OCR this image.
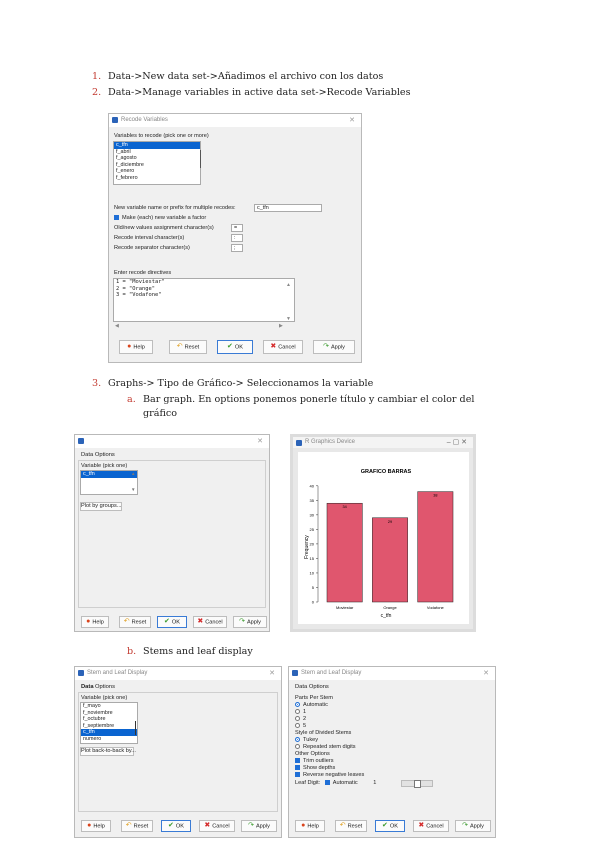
1. Data->New data set->Añadimos el archivo con los datos
2. Data->Manage variables in active data set->Recode Variables
Recode Variables	✕
Variables to recode (pick one or more)
c_tfn
f_abril
f_agosto
f_diciembre
f_enero
f_febrero
New variable name or prefix for multiple recodes:	c_tfn
Make (each) new variable a factor
Old/new values assignment character(s)	=
Recode interval character(s)	:
Recode separator character(s)	;
Enter recode directives
1 = "Moviestar"
2 = "Orange"
3 = "Vodafone"
▲
▼
◀	▶
● Help	↶ Reset	✔ OK	✖ Cancel	↷ Apply
3. Graphs-> Tipo de Gráfico-> Seleccionamos la variable
a. Bar graph. En options ponemos ponerle título y cambiar el color del
gráfico
✕
Data Options
Variable (pick one)
c_tfn	▲
▼
Plot by groups...
● Help	↶ Reset	✔ OK	✖ Cancel	↷ Apply
R Graphics Device	– ▢ ✕
GRAFICO BARRAS
Frequency
c_tfn
0
5
10
15
20
25
30
35
40
34
Moviestar
29
Orange
38
Vodafone
b. Stems and leaf display
Stem and Leaf Display	✕
Data Options
Variable (pick one)
f_mayo
f_noviembre
f_octubre
f_septiembre
c_tfn
numero
Plot back-to-back by...
● Help	↶ Reset	✔ OK	✖ Cancel	↷ Apply
Stem and Leaf Display	✕
Data Options
Parts Per Stem
Automatic
1
2
5
Style of Divided Stems
Tukey
Repeated stem digits
Other Options
Trim outliers
Show depths
Reverse negative leaves
Leaf Digit: Automatic	1
● Help	↶ Reset	✔ OK	✖ Cancel	↷ Apply
